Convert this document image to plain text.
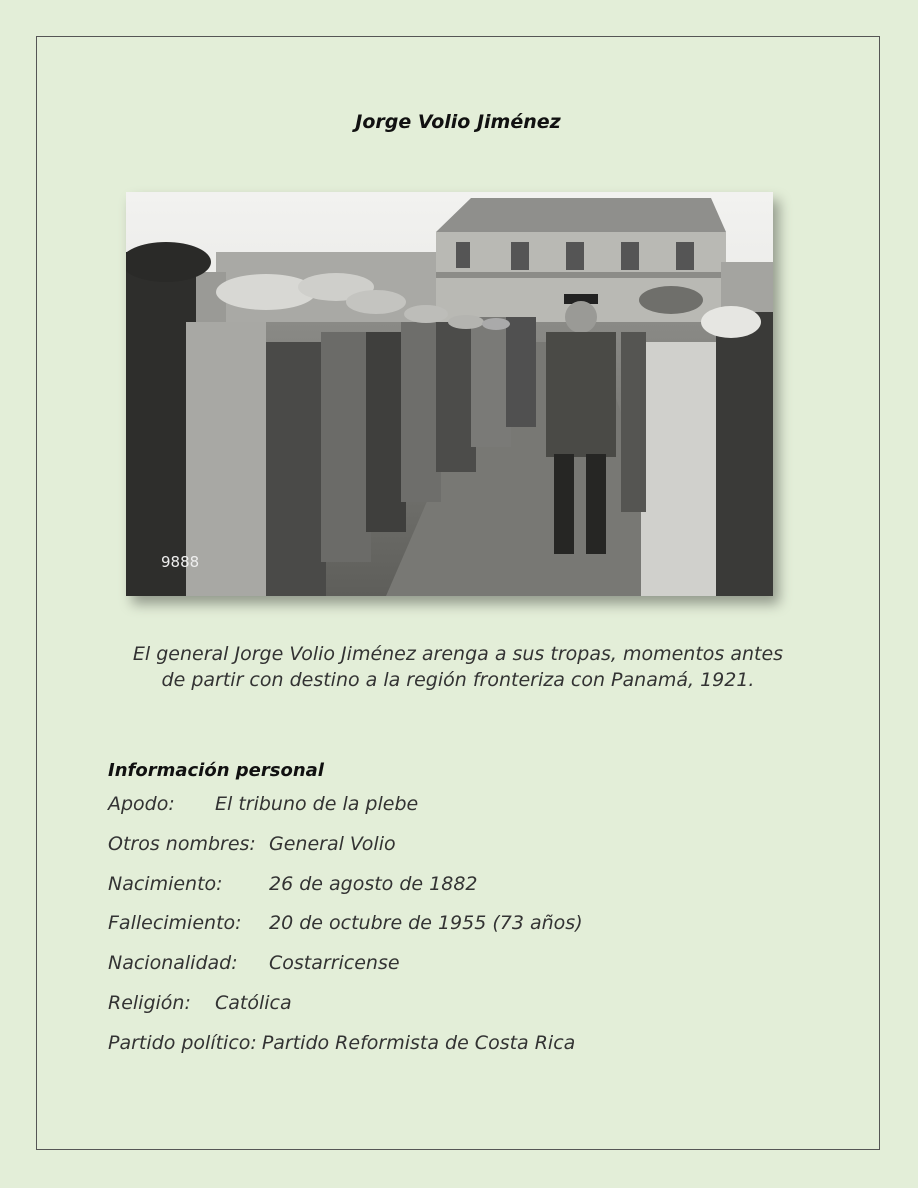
Jorge Volio Jiménez
9888
El general Jorge Volio Jiménez arenga a sus tropas, momentos antes
de partir con destino a la región fronteriza con Panamá, 1921.
Información personal
Apodo: El tribuno de la plebe
Otros nombres: General Volio
Nacimiento: 26 de agosto de 1882
Fallecimiento: 20 de octubre de 1955 (73 años)
Nacionalidad: Costarricense
Religión: Católica
Partido político: Partido Reformista de Costa Rica
